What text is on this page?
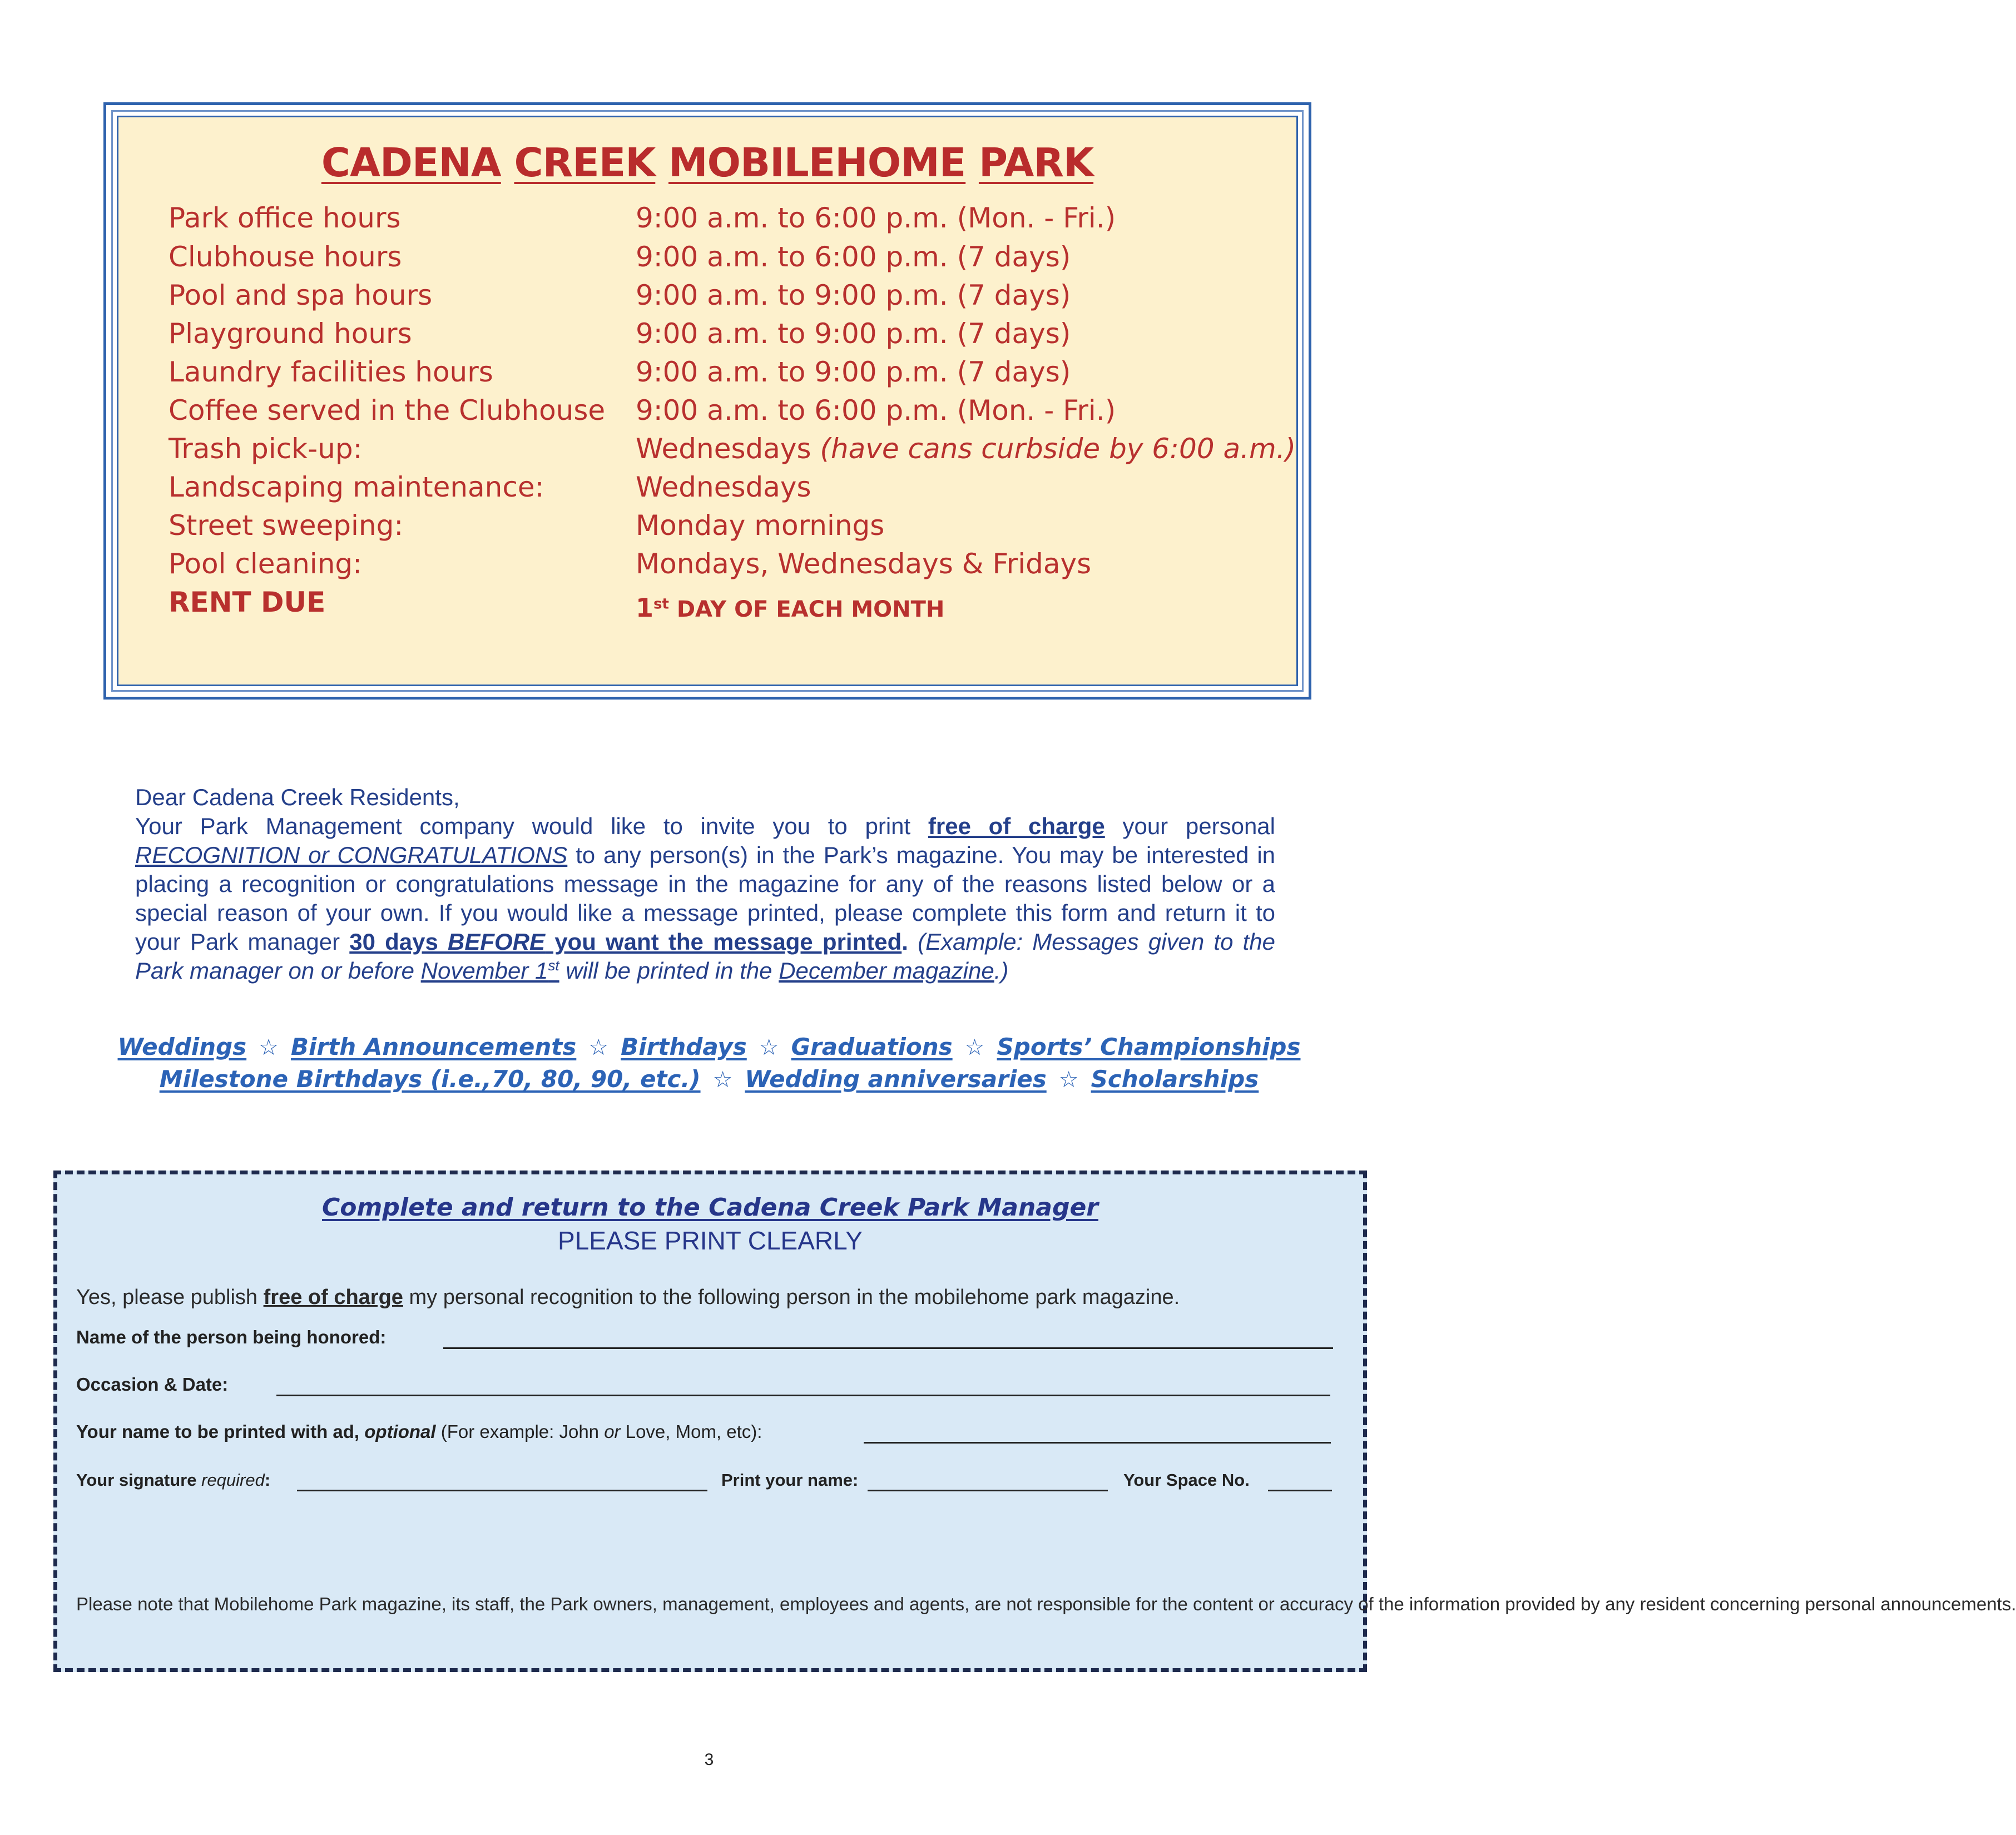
CADENA CREEK MOBILEHOME PARK
Park office hours	9:00 a.m. to 6:00 p.m. (Mon. - Fri.)
Clubhouse hours	9:00 a.m. to 6:00 p.m. (7 days)
Pool and spa hours	9:00 a.m. to 9:00 p.m. (7 days)
Playground hours	9:00 a.m. to 9:00 p.m. (7 days)
Laundry facilities hours	9:00 a.m. to 9:00 p.m. (7 days)
Coffee served in the Clubhouse 9:00 a.m. to 6:00 p.m. (Mon. - Fri.)
Trash pick-up:	Wednesdays (have cans curbside by 6:00 a.m.)
Landscaping maintenance:	Wednesdays
Street sweeping:	Monday mornings
Pool cleaning:	Mondays, Wednesdays & Fridays
RENT DUE	1st DAY OF EACH MONTH
Dear Cadena Creek Residents,
Your Park Management company would like to invite you to print free of charge your personal RECOGNITION or CONGRATULATIONS to any person(s) in the Park’s magazine. You may be interested in placing a recognition or congratulations message in the magazine for any of the reasons listed below or a special reason of your own. If you would like a message printed, please complete this form and return it to your Park manager 30 days BEFORE you want the message printed. (Example: Messages given to the Park manager on or before November 1st will be printed in the December magazine.)
Weddings ☆ Birth Announcements ☆ Birthdays ☆ Graduations ☆ Sports’ Championships
Milestone Birthdays (i.e.,70, 80, 90, etc.) ☆ Wedding anniversaries ☆ Scholarships
Complete and return to the Cadena Creek Park Manager
PLEASE PRINT CLEARLY
Yes, please publish free of charge my personal recognition to the following person in the mobilehome park magazine.
Name of the person being honored:
Occasion & Date:
Your name to be printed with ad, optional (For example: John or Love, Mom, etc):
Your signature required:	Print your name:	Your Space No.
Please note that Mobilehome Park magazine, its staff, the Park owners, management, employees and agents, are not responsible for the content or accuracy of the information provided by any resident concerning personal announcements.
3
